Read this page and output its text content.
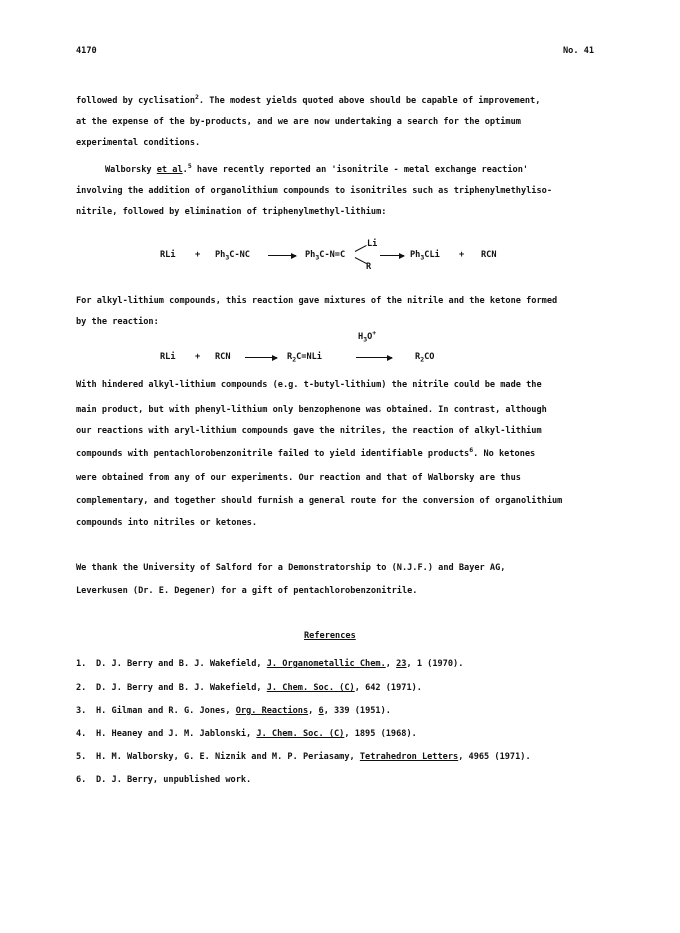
4170	No. 41
followed by cyclisation$^2$. The modest yields quoted above should be capable of improvement,
at the expense of the by-products, and we are now undertaking a search for the optimum
experimental conditions.
Walborsky et al.$^5$ have recently reported an 'isonitrile - metal exchange reaction'
involving the addition of organolithium compounds to isonitriles such as triphenylmethyliso-
nitrile, followed by elimination of triphenylmethyl-lithium:
RLi + $Ph_3C-NC \to Ph_3C-N=C$
Li
R
→ $Ph_3CLi$ + RCN
For alkyl-lithium compounds, this reaction gave mixtures of the nitrile and the ketone formed
by the reaction:
$H_3O^+$
RLi + RCN → $R_2C=NLi$	$R_2CO$
With hindered alkyl-lithium compounds (e.g. t-butyl-lithium) the nitrile could be made the
main product, but with phenyl-lithium only benzophenone was obtained. In contrast, although
our reactions with aryl-lithium compounds gave the nitriles, the reaction of alkyl-lithium
compounds with pentachlorobenzonitrile failed to yield identifiable products$^6$. No ketones
were obtained from any of our experiments. Our reaction and that of Walborsky are thus
complementary, and together should furnish a general route for the conversion of organolithium
compounds into nitriles or ketones.
We thank the University of Salford for a Demonstratorship to (N.J.F.) and Bayer AG,
Leverkusen (Dr. E. Degener) for a gift of pentachlorobenzonitrile.
References
1. D. J. Berry and B. J. Wakefield, J. Organometallic Chem., 23, 1 (1970).
2. D. J. Berry and B. J. Wakefield, J. Chem. Soc. (C), 642 (1971).
3. H. Gilman and R. G. Jones, Org. Reactions, 6, 339 (1951).
4. H. Heaney and J. M. Jablonski, J. Chem. Soc. (C), 1895 (1968).
5. H. M. Walborsky, G. E. Niznik and M. P. Periasamy, Tetrahedron Letters, 4965 (1971).
6. D. J. Berry, unpublished work.
